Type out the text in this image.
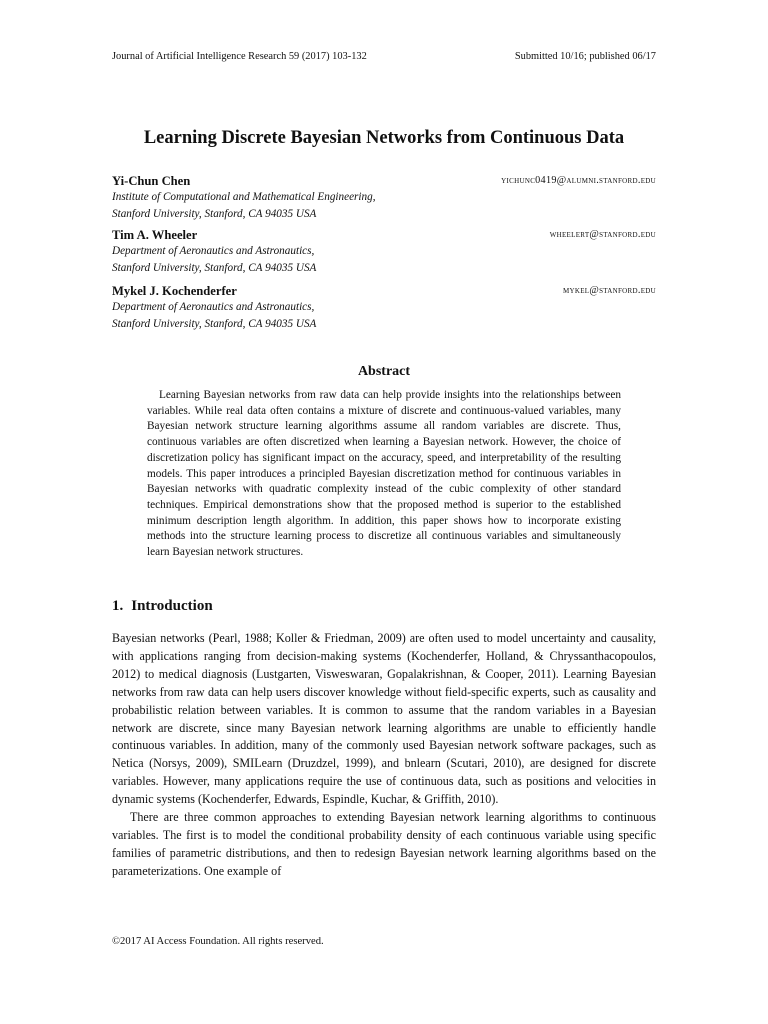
Journal of Artificial Intelligence Research 59 (2017) 103-132	Submitted 10/16; published 06/17
Learning Discrete Bayesian Networks from Continuous Data
Yi-Chun Chen	yichunc0419@alumni.stanford.edu
Institute of Computational and Mathematical Engineering,
Stanford University, Stanford, CA 94035 USA
Tim A. Wheeler	wheelert@stanford.edu
Department of Aeronautics and Astronautics,
Stanford University, Stanford, CA 94035 USA
Mykel J. Kochenderfer	mykel@stanford.edu
Department of Aeronautics and Astronautics,
Stanford University, Stanford, CA 94035 USA
Abstract
Learning Bayesian networks from raw data can help provide insights into the relationships between variables. While real data often contains a mixture of discrete and continuous-valued variables, many Bayesian network structure learning algorithms assume all random variables are discrete. Thus, continuous variables are often discretized when learning a Bayesian network. However, the choice of discretization policy has significant impact on the accuracy, speed, and interpretability of the resulting models. This paper introduces a principled Bayesian discretization method for continuous variables in Bayesian networks with quadratic complexity instead of the cubic complexity of other standard techniques. Empirical demonstrations show that the proposed method is superior to the established minimum description length algorithm. In addition, this paper shows how to incorporate existing methods into the structure learning process to discretize all continuous variables and simultaneously learn Bayesian network structures.
1. Introduction

Bayesian networks (Pearl, 1988; Koller & Friedman, 2009) are often used to model uncertainty and causality, with applications ranging from decision-making systems (Kochenderfer, Holland, & Chryssanthacopoulos, 2012) to medical diagnosis (Lustgarten, Visweswaran, Gopalakrishnan, & Cooper, 2011). Learning Bayesian networks from raw data can help users discover knowledge without field-specific experts, such as causality and probabilistic relation between variables. It is common to assume that the random variables in a Bayesian network are discrete, since many Bayesian network learning algorithms are unable to efficiently handle continuous variables. In addition, many of the commonly used Bayesian network software packages, such as Netica (Norsys, 2009), SMILearn (Druzdzel, 1999), and bnlearn (Scutari, 2010), are designed for discrete variables. However, many applications require the use of continuous data, such as positions and velocities in dynamic systems (Kochenderfer, Edwards, Espindle, Kuchar, & Griffith, 2010).

There are three common approaches to extending Bayesian network learning algorithms to continuous variables. The first is to model the conditional probability density of each continuous variable using specific families of parametric distributions, and then to redesign Bayesian network learning algorithms based on the parameterizations. One example of

©2017 AI Access Foundation. All rights reserved.
